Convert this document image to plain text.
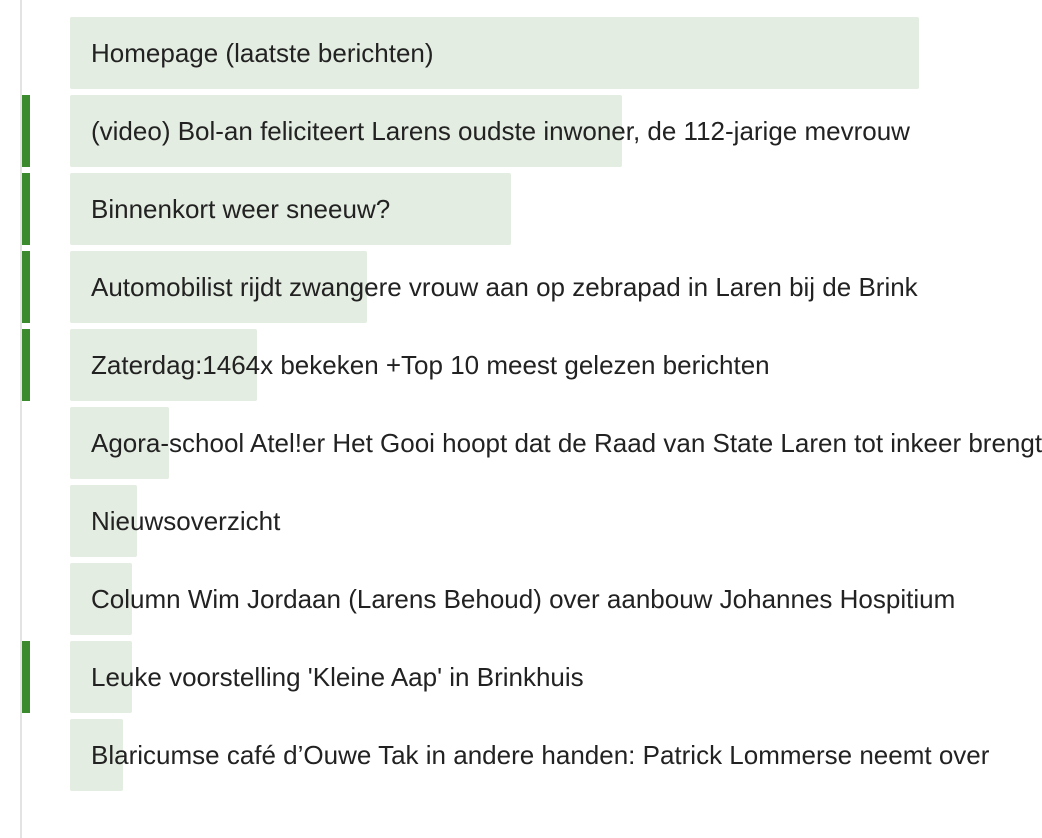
Homepage (laatste berichten)
(video) Bol-an feliciteert Larens oudste inwoner, de 112-jarige mevrouw
Binnenkort weer sneeuw?
Automobilist rijdt zwangere vrouw aan op zebrapad in Laren bij de Brink
Zaterdag:1464x bekeken +Top 10 meest gelezen berichten
Agora-school Atel!er Het Gooi hoopt dat de Raad van State Laren tot inkeer brengt
Nieuwsoverzicht
Column Wim Jordaan (Larens Behoud) over aanbouw Johannes Hospitium
Leuke voorstelling 'Kleine Aap' in Brinkhuis
Blaricumse café d’Ouwe Tak in andere handen: Patrick Lommerse neemt over
